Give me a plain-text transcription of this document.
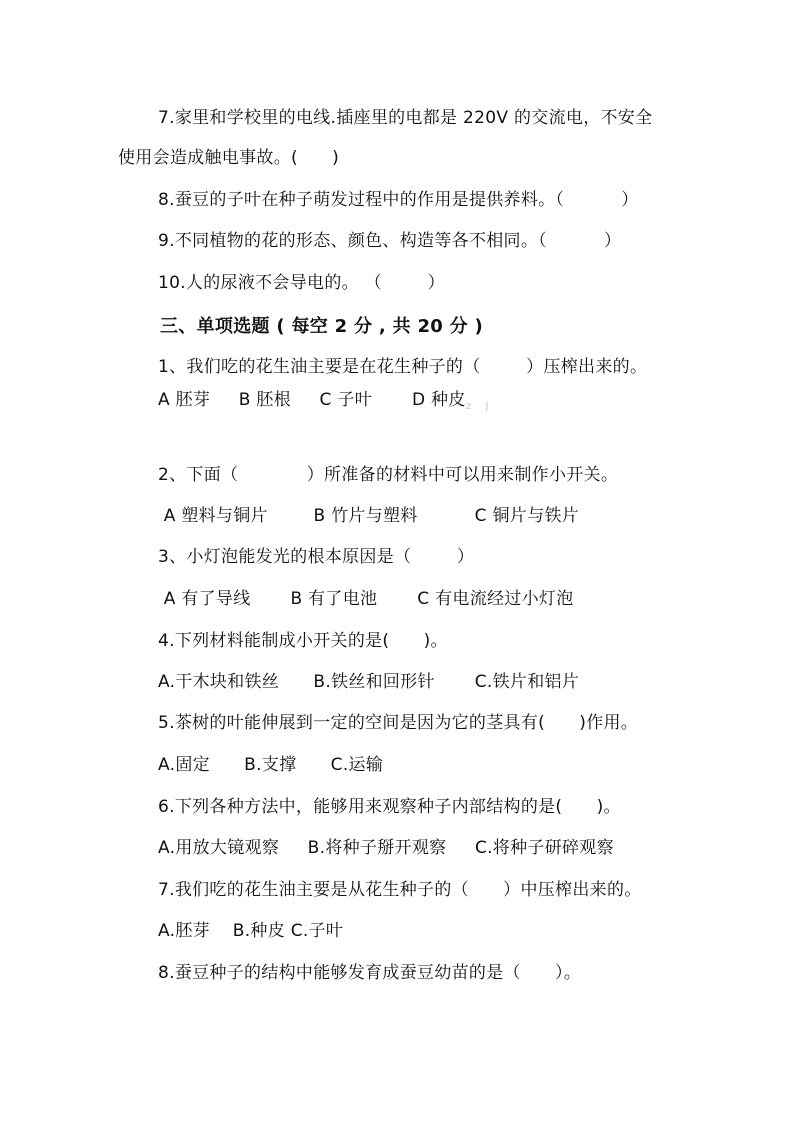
7.家里和学校里的电线.插座里的电都是 220V 的交流电，不安全
使用会造成触电事故。(      )
8.蚕豆的子叶在种子萌发过程中的作用是提供养料。（          ）
9.不同植物的花的形态、颜色、构造等各不相同。（          ）
10.人的尿液不会导电的。 （        ）
三、单项选题 ( 每空 2 分 , 共 20 分 )
1、我们吃的花生油主要是在花生种子的（        ）压榨出来的。
A 胚芽     B 胚根     C 子叶       D 种皮 z    J
2、下面（            ）所准备的材料中可以用来制作小开关。
A 塑料与铜片        B 竹片与塑料          C 铜片与铁片
3、小灯泡能发光的根本原因是（        ）
A 有了导线       B 有了电池       C 有电流经过小灯泡
4.下列材料能制成小开关的是(      )。
A.干木块和铁丝      B.铁丝和回形针       C.铁片和铝片
5.茶树的叶能伸展到一定的空间是因为它的茎具有(      )作用。
A.固定      B.支撑      C.运输
6.下列各种方法中，能够用来观察种子内部结构的是(      )。
A.用放大镜观察     B.将种子掰开观察     C.将种子研碎观察
7.我们吃的花生油主要是从花生种子的（      ）中压榨出来的。
A.胚芽    B.种皮 C.子叶
8.蚕豆种子的结构中能够发育成蚕豆幼苗的是（      ）。
